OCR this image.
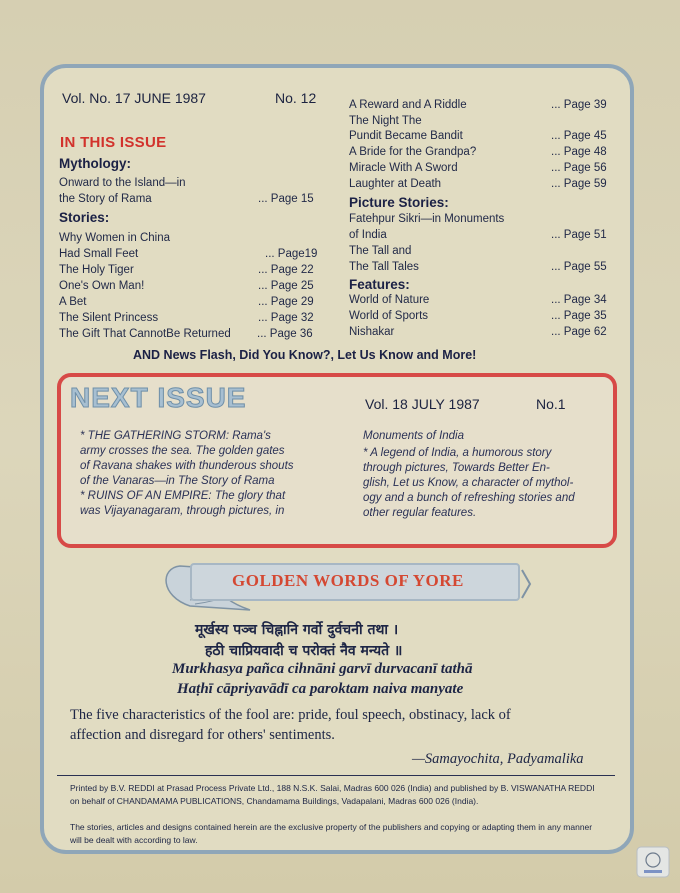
Vol. No. 17 JUNE 1987	No. 12
IN THIS ISSUE
Mythology:
Onward to the Island—in
the Story of Rama	... Page 15
Stories:
Why Women in China
Had Small Feet	... Page19
The Holy Tiger	... Page 22
One's Own Man!	... Page 25
A Bet	... Page 29
The Silent Princess	... Page 32
The Gift That CannotBe Returned ... Page 36
A Reward and A Riddle	... Page 39
The Night The
Pundit Became Bandit	... Page 45
A Bride for the Grandpa?	... Page 48
Miracle With A Sword	... Page 56
Laughter at Death	... Page 59
Picture Stories:
Fatehpur Sikri—in Monuments
of India	... Page 51
The Tall and
The Tall Tales	... Page 55
Features:
World of Nature	... Page 34
World of Sports	... Page 35
Nishakar	... Page 62
AND News Flash, Did You Know?, Let Us Know and More!
NEXT ISSUE	Vol. 18 JULY 1987	No.1
* THE GATHERING STORM: Rama's
army crosses the sea. The golden gates
of Ravana shakes with thunderous shouts
of the Vanaras—in The Story of Rama
* RUINS OF AN EMPIRE: The glory that
was Vijayanagaram, through pictures, in
Monuments of India
* A legend of India, a humorous story
through pictures, Towards Better En-
glish, Let us Know, a character of mythol-
ogy and a bunch of refreshing stories and
other regular features.
GOLDEN WORDS OF YORE
मूर्खस्य पञ्च चिह्नानि गर्वो दुर्वचनी तथा ।
हठी चाप्रियवादी च परोक्तं नैव मन्यते ॥
Murkhasya pañca cihnāni garvī durvacanī tathā
Haṭhī cāpriyavādī ca paroktam naiva manyate
The five characteristics of the fool are: pride, foul speech, obstinacy, lack of
affection and disregard for others' sentiments.
—Samayochita, Padyamalika
Printed by B.V. REDDI at Prasad Process Private Ltd., 188 N.S.K. Salai, Madras 600 026 (India) and published by B. VISWANATHA REDDI on behalf of CHANDAMAMA PUBLICATIONS, Chandamama Buildings, Vadapalani, Madras 600 026 (India).
The stories, articles and designs contained herein are the exclusive property of the publishers and copying or adapting them in any manner will be dealt with according to law.
